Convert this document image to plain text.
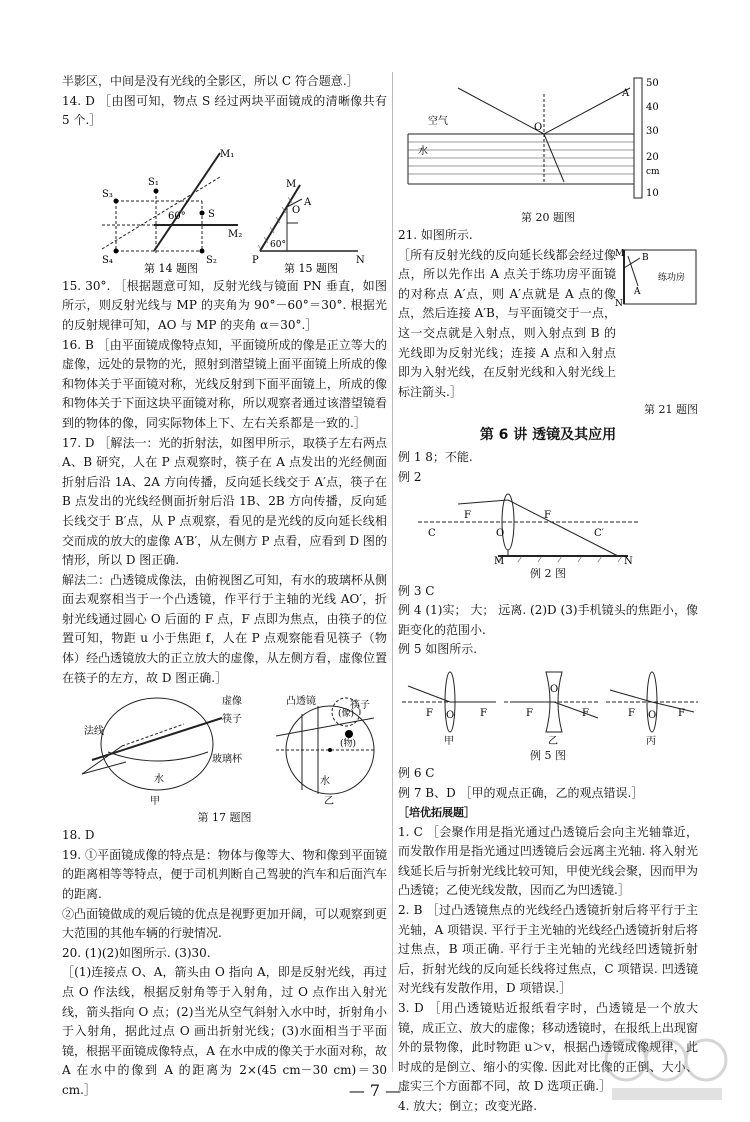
半影区，中间是没有光线的全影区，所以 C 符合题意.］

14. D ［由图可知，物点 S 经过两块平面镜成的清晰像共有 5 个.］

S₁
S₃
S
M₁
M₂
S₄	S₂
60°
第 14 题图
M
O
A
60°
P	N
第 15 题图

15. 30°. ［根据题意可知，反射光线与镜面 PN 垂直，如图所示，则反射光线与 MP 的夹角为 90°－60°＝30°. 根据光的反射规律可知，AO 与 MP 的夹角 α＝30°.］

16. B ［由平面镜成像特点知，平面镜所成的像是正立等大的虚像，远处的景物的光，照射到潜望镜上面平面镜上所成的像和物体关于平面镜对称，光线反射到下面平面镜上，所成的像和物体关于下面这块平面镜对称，所以观察者通过该潜望镜看到的物体的像，同实际物体上下、左右关系都是一致的.］

17. D ［解法一：光的折射法，如图甲所示，取筷子左右两点 A、B 研究，人在 P 点观察时，筷子在 A 点发出的光经侧面折射后沿 1A、2A 方向传播，反向延长线交于 A′点，筷子在 B 点发出的光线经侧面折射后沿 1B、2B 方向传播，反向延长线交于 B′点，从 P 点观察，看见的是光线的反向延长线相交而成的放大的虚像 A′B′，从左侧方 P 点看，应看到 D 图的情形，所以 D 图正确.

解法二：凸透镜成像法，由俯视图乙可知，有水的玻璃杯从侧面去观察相当于一个凸透镜，作平行于主轴的光线 AO′，折射光线通过圆心 O 后面的 F 点，F 点即为焦点，由筷子的位置可知，物距 u 小于焦距 f，人在 P 点观察能看见筷子（物体）经凸透镜放大的正立放大的虚像，从左侧方看，虚像位置在筷子的左方，故 D 图正确.］

虚像
筷子
法线
玻璃杯
水
甲
凸透镜
(像)
(物)
筷子
水
乙
第 17 题图

18. D

19. ①平面镜成像的特点是：物体与像等大、物和像到平面镜的距离相等等特点，便于司机判断自己驾驶的汽车和后面汽车的距离.

②凸面镜做成的观后镜的优点是视野更加开阔，可以观察到更大范围的其他车辆的行驶情况.

20. (1)(2)如图所示. (3)30.

［(1)连接点 O、A，箭头由 O 指向 A，即是反射光线，再过点 O 作法线，根据反射角等于入射角，过 O 点作出入射光线，箭头指向 O 点；(2)当光从空气斜射入水中时，折射角小于入射角，据此过点 O 画出折射光线；(3)水面相当于平面镜，根据平面镜成像特点，A 在水中成的像关于水面对称，故 A 在水中的像到 A 的距离为 2×(45 cm－30 cm)＝30 cm.］

空气
水
O
A
50
40
30
20
cm
10
第 20 题图

21. 如图所示.

［所有反射光线的反向延长线都会经过像点，所以先作出 A 点关于练功房平面镜的对称点 A′点，则 A′点就是 A 点的像点，然后连接 A′B，与平面镜交于一点，这一交点就是入射点，则入射点到 B 的光线即为反射光线；连接 A 点和入射点即为入射光线，在反射光线和入射光线上标注箭头.］

M
A
B
N
练功房
第 21 题图
第 6 讲 透镜及其应用

例 1 8；不能.

例 2

F
O
F
C	C′
M	N
例 2 图

例 3 C

例 4 (1)实； 大； 远离. (2)D (3)手机镜头的焦距小，像距变化的范围小.

例 5 如图所示.

F O	F	F
O
F	F O F
甲	乙	丙
例 5 图

例 6 C

例 7 B、D ［甲的观点正确，乙的观点错误.］

［培优拓展题］

1. C ［会聚作用是指光通过凸透镜后会向主光轴靠近，而发散作用是指光通过凹透镜后会远离主光轴. 将入射光线延长后与折射光线比较可知，甲使光线会聚，因而甲为凸透镜；乙使光线发散，因而乙为凹透镜.］

2. B ［过凸透镜焦点的光线经凸透镜折射后将平行于主光轴，A 项错误. 平行于主光轴的光线经凸透镜折射后将过焦点，B 项正确. 平行于主光轴的光线经凹透镜折射后，折射光线的反向延长线将过焦点，C 项错误. 凹透镜对光线有发散作用，D 项错误.］

3. D ［用凸透镜贴近报纸看字时，凸透镜是一个放大镜，成正立、放大的虚像；移动透镜时，在报纸上出现窗外的景物像，此时物距 u＞v，根据凸透镜成像规律，此时成的是倒立、缩小的实像. 因此对比像的正倒、大小、虚实三个方面都不同，故 D 选项正确.］

4. 放大；倒立；改变光路.

— 7 —
